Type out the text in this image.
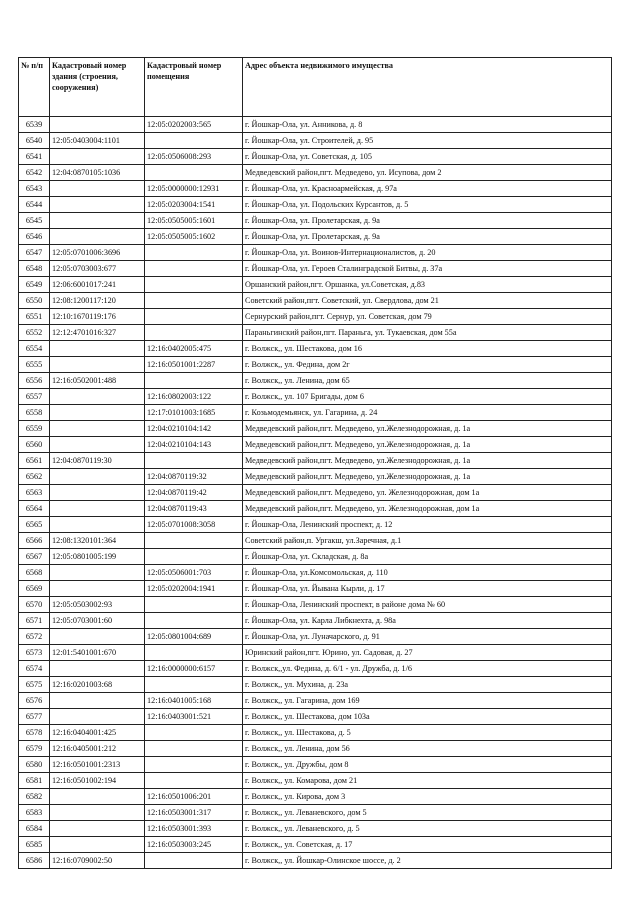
№ п/п	Кадастровый номер здания (строения, сооружения)	Кадастровый номер помещения	Адрес объекта недвижимого имущества
6539		12:05:0202003:565	г. Йошкар-Ола, ул. Анникова, д. 8
6540	12:05:0403004:1101		г. Йошкар-Ола, ул. Строителей, д. 95
6541		12:05:0506008:293	г. Йошкар-Ола, ул. Советская, д. 105
6542	12:04:0870105:1036		Медведевский район,пгт. Медведево, ул. Исупова, дом 2
6543		12:05:0000000:12931	г. Йошкар-Ола, ул. Красноармейская, д. 97а
6544		12:05:0203004:1541	г. Йошкар-Ола, ул. Подольских Курсантов, д. 5
6545		12:05:0505005:1601	г. Йошкар-Ола, ул. Пролетарская, д. 9а
6546		12:05:0505005:1602	г. Йошкар-Ола, ул. Пролетарская, д. 9а
6547	12:05:0701006:3696		г. Йошкар-Ола, ул. Воинов-Интернационалистов, д. 20
6548	12:05:0703003:677		г. Йошкар-Ола, ул. Героев Сталинградской Битвы, д. 37а
6549	12:06:6001017:241		Оршанский район,пгт. Оршанка, ул.Советская, д.83
6550	12:08:1200117:120		Советский район,пгт. Советский, ул. Свердлова, дом 21
6551	12:10:1670119:176		Сернурский район,пгт. Сернур, ул. Советская, дом 79
6552	12:12:4701016:327		Параньгинский район,пгт. Параньга, ул. Тукаевская, дом 55а
6554		12:16:0402005:475	г. Волжск,, ул. Шестакова, дом 16
6555		12:16:0501001:2287	г. Волжск,, ул. Федина, дом 2г
6556	12:16:0502001:488		г. Волжск,, ул. Ленина, дом 65
6557		12:16:0802003:122	г. Волжск,, ул. 107 Бригады, дом 6
6558		12:17:0101003:1685	г. Козьмодемьянск, ул. Гагарина, д. 24
6559		12:04:0210104:142	Медведевский район,пгт. Медведево, ул.Железнодорожная, д. 1а
6560		12:04:0210104:143	Медведевский район,пгт. Медведево, ул.Железнодорожная, д. 1а
6561	12:04:0870119:30		Медведевский район,пгт. Медведево, ул.Железнодорожная, д. 1а
6562		12:04:0870119:32	Медведевский район,пгт. Медведево, ул.Железнодорожная, д. 1а
6563		12:04:0870119:42	Медведевский район,пгт. Медведево, ул. Железнодорожная, дом 1а
6564		12:04:0870119:43	Медведевский район,пгт. Медведево, ул. Железнодорожная, дом 1а
6565		12:05:0701008:3058	г. Йошкар-Ола, Ленинский проспект, д. 12
6566	12:08:1320101:364		Советский район,п. Ургакш, ул.Заречная, д.1
6567	12:05:0801005:199		г. Йошкар-Ола, ул. Складская, д. 8а
6568		12:05:0506001:703	г. Йошкар-Ола, ул.Комсомольская, д. 110
6569		12:05:0202004:1941	г. Йошкар-Ола, ул. Йывана Кырли, д. 17
6570	12:05:0503002:93		г. Йошкар-Ола, Ленинский проспект, в районе дома № 60
6571	12:05:0703001:60		г. Йошкар-Ола, ул. Карла Либкнехта, д. 98а
6572		12:05:0801004:689	г. Йошкар-Ола, ул. Луначарского, д. 91
6573	12:01:5401001:670		Юринский район,пгт. Юрино, ул. Садовая, д. 27
6574		12:16:0000000:6157	г. Волжск,,ул. Федина, д. 6/1 - ул. Дружба, д. 1/6
6575	12:16:0201003:68		г. Волжск,, ул. Мухина, д. 23а
6576		12:16:0401005:168	г. Волжск,, ул. Гагарина, дом 169
6577		12:16:0403001:521	г. Волжск,, ул. Шестакова, дом 103а
6578	12:16:0404001:425		г. Волжск,, ул. Шестакова, д. 5
6579	12:16:0405001:212		г. Волжск,, ул. Ленина, дом 56
6580	12:16:0501001:2313		г. Волжск,, ул. Дружбы, дом 8
6581	12:16:0501002:194		г. Волжск,, ул. Комарова, дом 21
6582		12:16:0501006:201	г. Волжск,, ул. Кирова, дом 3
6583		12:16:0503001:317	г. Волжск,, ул. Леваневского, дом 5
6584		12:16:0503001:393	г. Волжск,, ул. Леваневского, д. 5
6585		12:16:0503003:245	г. Волжск,, ул. Советская, д. 17
6586	12:16:0709002:50		г. Волжск,, ул. Йошкар-Олинское шоссе, д. 2
